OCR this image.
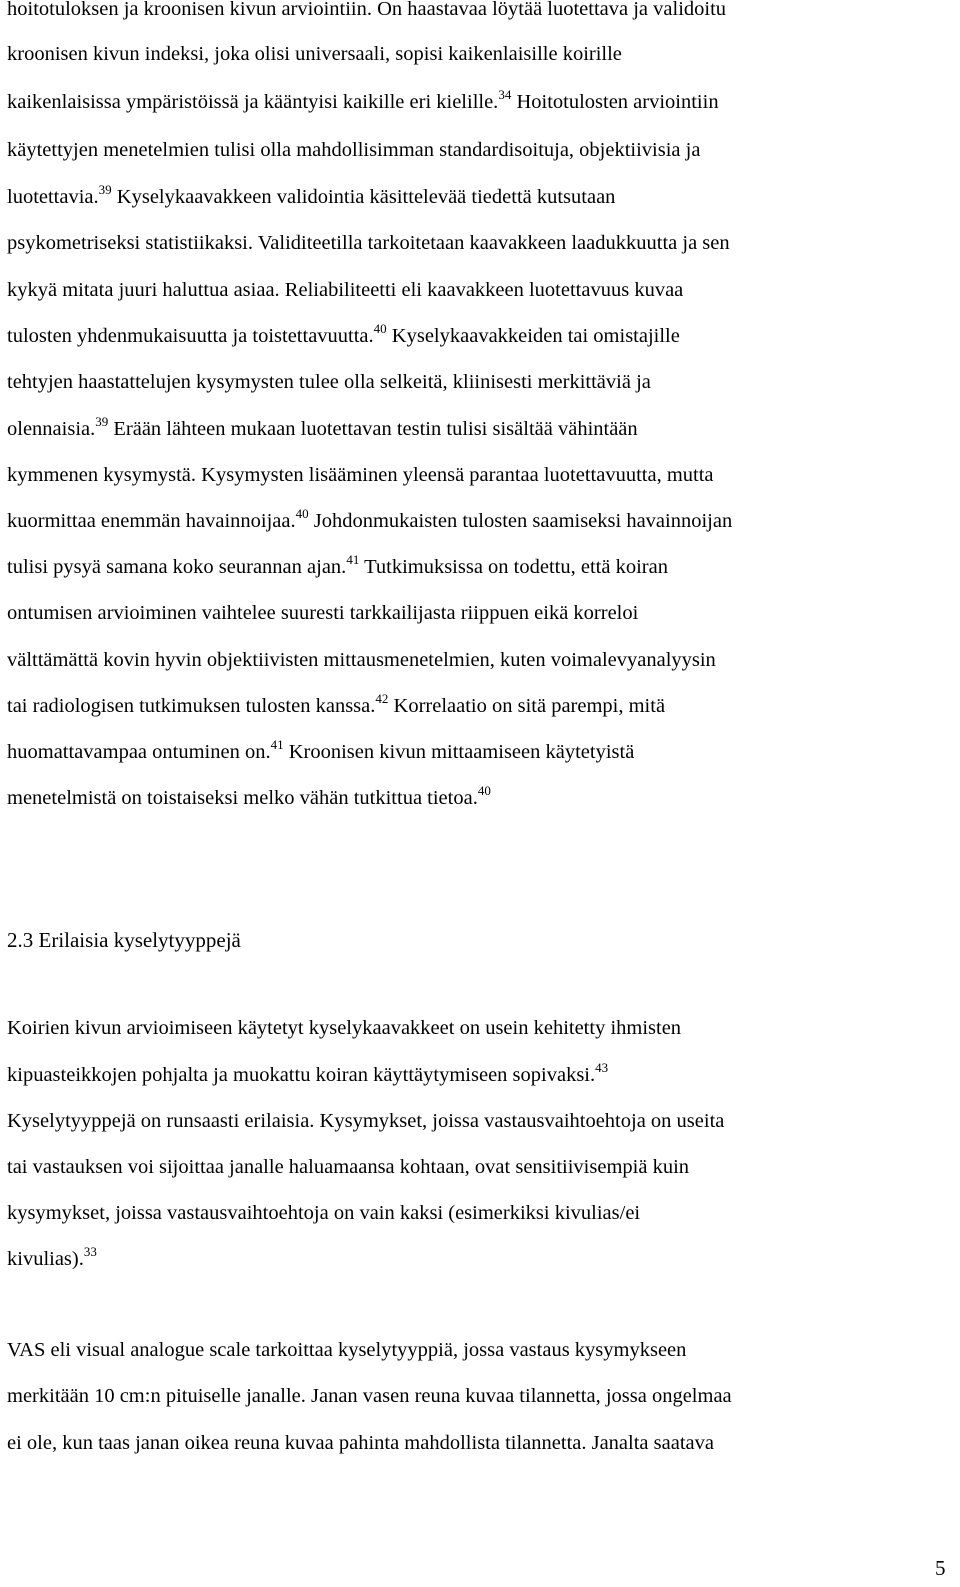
hoitotuloksen ja kroonisen kivun arviointiin. On haastavaa löytää luotettava ja validoitu
kroonisen kivun indeksi, joka olisi universaali, sopisi kaikenlaisille koirille
kaikenlaisissa ympäristöissä ja kääntyisi kaikille eri kielille.$^{34}$ Hoitotulosten arviointiin
käytettyjen menetelmien tulisi olla mahdollisimman standardisoituja, objektiivisia ja
luotettavia.$^{39}$ Kyselykaavakkeen validointia käsittelevää tiedettä kutsutaan
psykometriseksi statistiikaksi. Validiteetilla tarkoitetaan kaavakkeen laadukkuutta ja sen
kykyä mitata juuri haluttua asiaa. Reliabiliteetti eli kaavakkeen luotettavuus kuvaa
tulosten yhdenmukaisuutta ja toistettavuutta.$^{40}$ Kyselykaavakkeiden tai omistajille
tehtyjen haastattelujen kysymysten tulee olla selkeitä, kliinisesti merkittäviä ja
olennaisia.$^{39}$ Erään lähteen mukaan luotettavan testin tulisi sisältää vähintään
kymmenen kysymystä. Kysymysten lisääminen yleensä parantaa luotettavuutta, mutta
kuormittaa enemmän havainnoijaa.$^{40}$ Johdonmukaisten tulosten saamiseksi havainnoijan
tulisi pysyä samana koko seurannan ajan.$^{41}$ Tutkimuksissa on todettu, että koiran
ontumisen arvioiminen vaihtelee suuresti tarkkailijasta riippuen eikä korreloi
välttämättä kovin hyvin objektiivisten mittausmenetelmien, kuten voimalevyanalyysin
tai radiologisen tutkimuksen tulosten kanssa.$^{42}$ Korrelaatio on sitä parempi, mitä
huomattavampaa ontuminen on.$^{41}$ Kroonisen kivun mittaamiseen käytetyistä
menetelmistä on toistaiseksi melko vähän tutkittua tietoa.$^{40}$
2.3 Erilaisia kyselytyyppejä
Koirien kivun arvioimiseen käytetyt kyselykaavakkeet on usein kehitetty ihmisten
kipuasteikkojen pohjalta ja muokattu koiran käyttäytymiseen sopivaksi.$^{43}$
Kyselytyyppejä on runsaasti erilaisia. Kysymykset, joissa vastausvaihtoehtoja on useita
tai vastauksen voi sijoittaa janalle haluamaansa kohtaan, ovat sensitiivisempiä kuin
kysymykset, joissa vastausvaihtoehtoja on vain kaksi (esimerkiksi kivulias/ei
kivulias).$^{33}$
VAS eli visual analogue scale tarkoittaa kyselytyyppiä, jossa vastaus kysymykseen
merkitään 10 cm:n pituiselle janalle. Janan vasen reuna kuvaa tilannetta, jossa ongelmaa
ei ole, kun taas janan oikea reuna kuvaa pahinta mahdollista tilannetta. Janalta saatava
5
